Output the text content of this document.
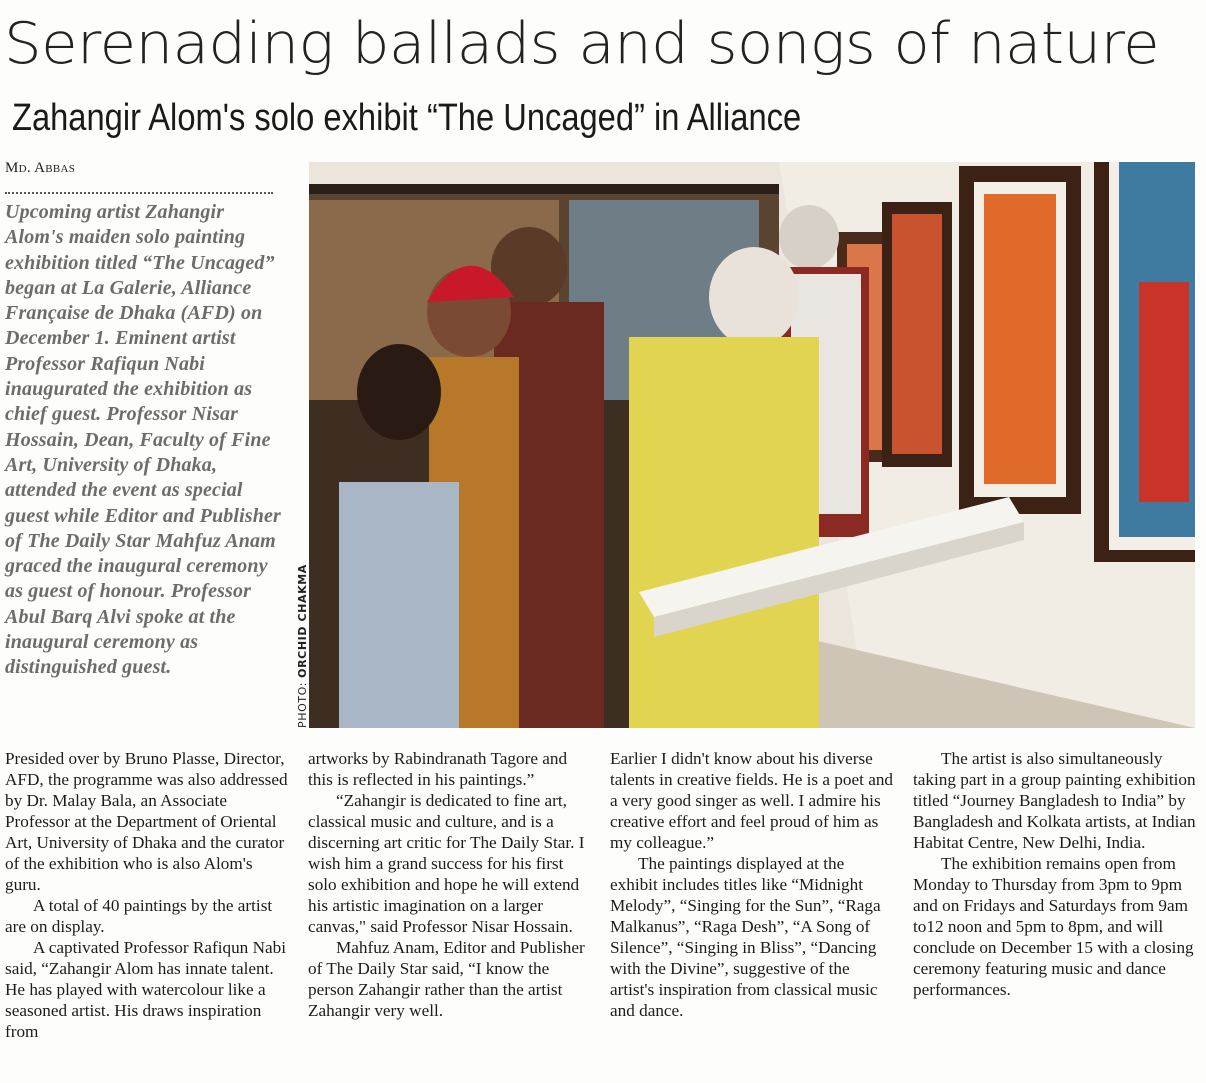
Serenading ballads and songs of nature
Zahangir Alom's solo exhibit “The Uncaged” in Alliance
Md. Abbas
Upcoming artist Zahangir Alom's maiden solo painting exhibition titled “The Uncaged” began at La Galerie, Alliance Française de Dhaka (AFD) on December 1. Eminent artist Professor Rafiqun Nabi inaugurated the exhibition as chief guest. Professor Nisar Hossain, Dean, Faculty of Fine Art, University of Dhaka, attended the event as special guest while Editor and Publisher of The Daily Star Mahfuz Anam graced the inaugural ceremony as guest of honour. Professor Abul Barq Alvi spoke at the inaugural ceremony as distinguished guest.
PHOTO: ORCHID CHAKMA

Presided over by Bruno Plasse, Director, AFD, the programme was also addressed by Dr. Malay Bala, an Associate Professor at the Department of Oriental Art, University of Dhaka and the curator of the exhibition who is also Alom's guru.

A total of 40 paintings by the artist are on display.

A captivated Professor Rafiqun Nabi said, “Zahangir Alom has innate talent. He has played with watercolour like a seasoned artist. His draws inspiration from

artworks by Rabindranath Tagore and this is reflected in his paintings.”

“Zahangir is dedicated to fine art, classical music and culture, and is a discerning art critic for The Daily Star. I wish him a grand success for his first solo exhibition and hope he will extend his artistic imagination on a larger canvas," said Professor Nisar Hossain.

Mahfuz Anam, Editor and Publisher of The Daily Star said, “I know the person Zahangir rather than the artist Zahangir very well.

Earlier I didn't know about his diverse talents in creative fields. He is a poet and a very good singer as well. I admire his creative effort and feel proud of him as my colleague.”

The paintings displayed at the exhibit includes titles like “Midnight Melody”, “Singing for the Sun”, “Raga Malkanus”, “Raga Desh”, “A Song of Silence”, “Singing in Bliss”, “Dancing with the Divine”, suggestive of the artist's inspiration from classical music and dance.

The artist is also simultaneously taking part in a group painting exhibition titled “Journey Bangladesh to India” by Bangladesh and Kolkata artists, at Indian Habitat Centre, New Delhi, India.

The exhibition remains open from Monday to Thursday from 3pm to 9pm and on Fridays and Saturdays from 9am to12 noon and 5pm to 8pm, and will conclude on December 15 with a closing ceremony featuring music and dance performances.
